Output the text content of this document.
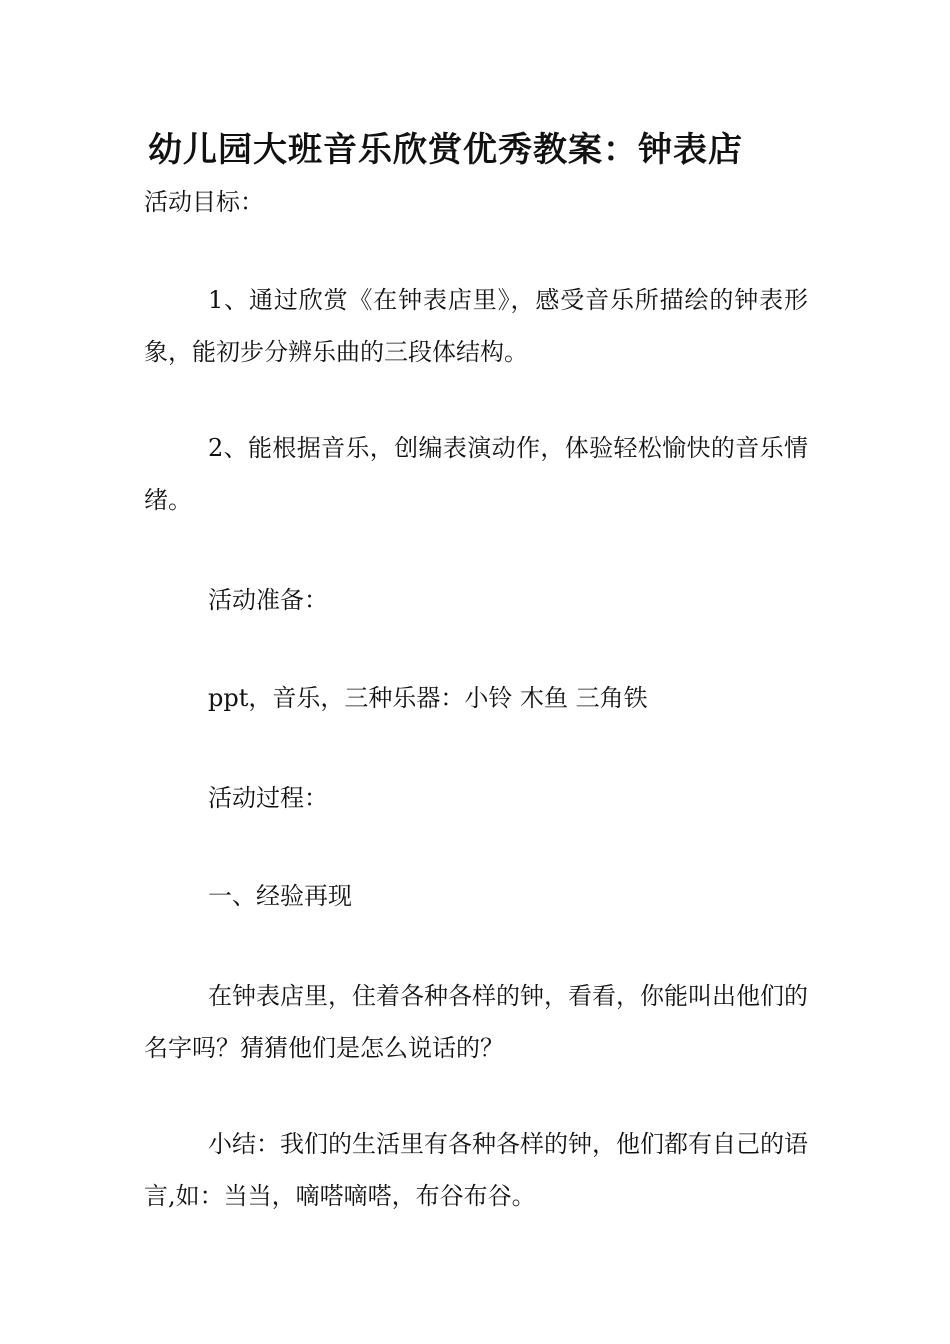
幼儿园大班音乐欣赏优秀教案：钟表店

活动目标：

1、通过欣赏《在钟表店里》，感受音乐所描绘的钟表形象，能初步分辨乐曲的三段体结构。

2、能根据音乐，创编表演动作，体验轻松愉快的音乐情绪。

活动准备：

ppt，音乐，三种乐器：小铃 木鱼 三角铁

活动过程：

一、经验再现

在钟表店里，住着各种各样的钟，看看，你能叫出他们的名字吗？猜猜他们是怎么说话的？

小结：我们的生活里有各种各样的钟，他们都有自己的语言,如：当当，嘀嗒嘀嗒，布谷布谷。
